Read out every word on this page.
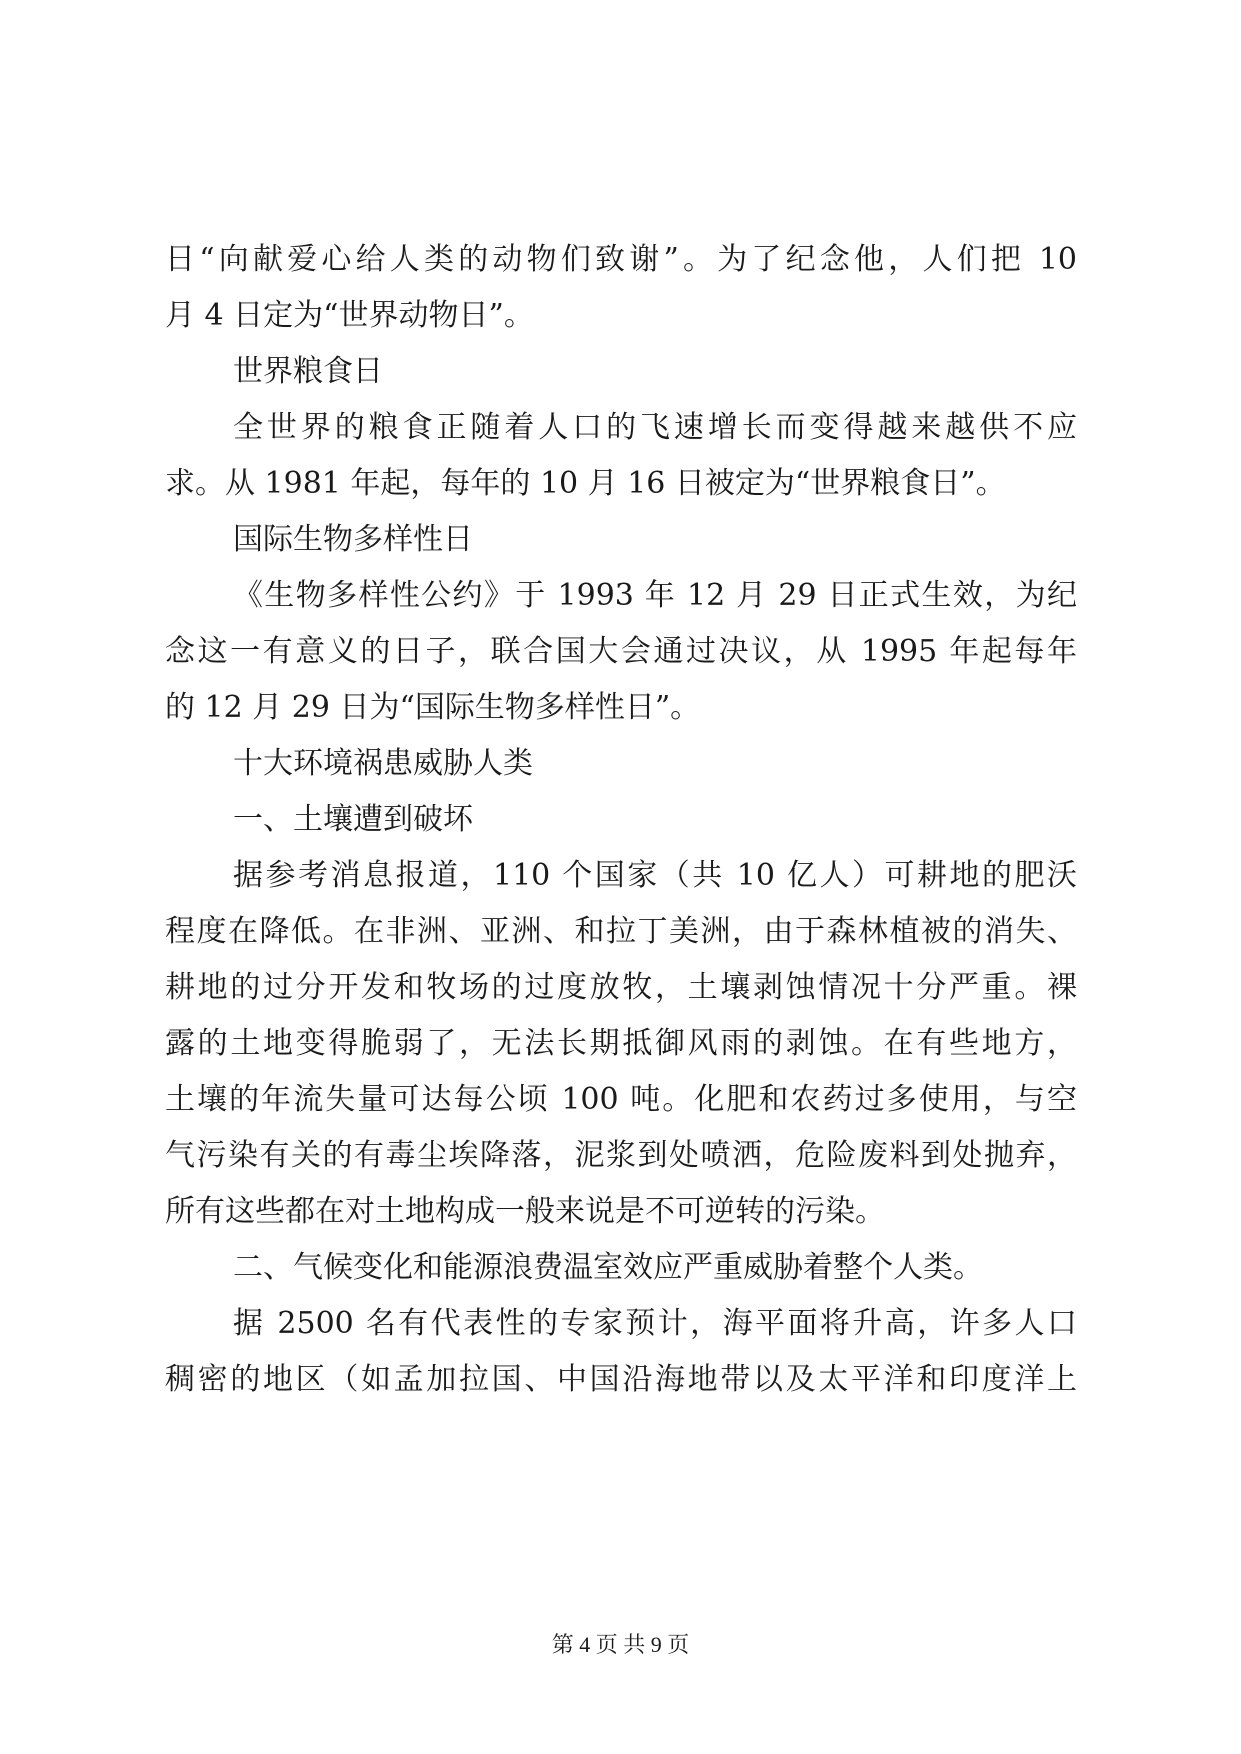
日“向献爱心给人类的动物们致谢”。为了纪念他，人们把 10
月 4 日定为“世界动物日”。
世界粮食日
全世界的粮食正随着人口的飞速增长而变得越来越供不应
求。从 1981 年起，每年的 10 月 16 日被定为“世界粮食日”。
国际生物多样性日
《生物多样性公约》于 1993 年 12 月 29 日正式生效，为纪
念这一有意义的日子，联合国大会通过决议，从 1995 年起每年
的 12 月 29 日为“国际生物多样性日”。
十大环境祸患威胁人类
一、土壤遭到破坏
据参考消息报道，110 个国家（共 10 亿人）可耕地的肥沃
程度在降低。在非洲、亚洲、和拉丁美洲，由于森林植被的消失、
耕地的过分开发和牧场的过度放牧，土壤剥蚀情况十分严重。裸
露的土地变得脆弱了，无法长期抵御风雨的剥蚀。在有些地方，
土壤的年流失量可达每公顷 100 吨。化肥和农药过多使用，与空
气污染有关的有毒尘埃降落，泥浆到处喷洒，危险废料到处抛弃，
所有这些都在对土地构成一般来说是不可逆转的污染。
二、气候变化和能源浪费温室效应严重威胁着整个人类。
据 2500 名有代表性的专家预计，海平面将升高，许多人口
稠密的地区（如孟加拉国、中国沿海地带以及太平洋和印度洋上
第 4 页 共 9 页
